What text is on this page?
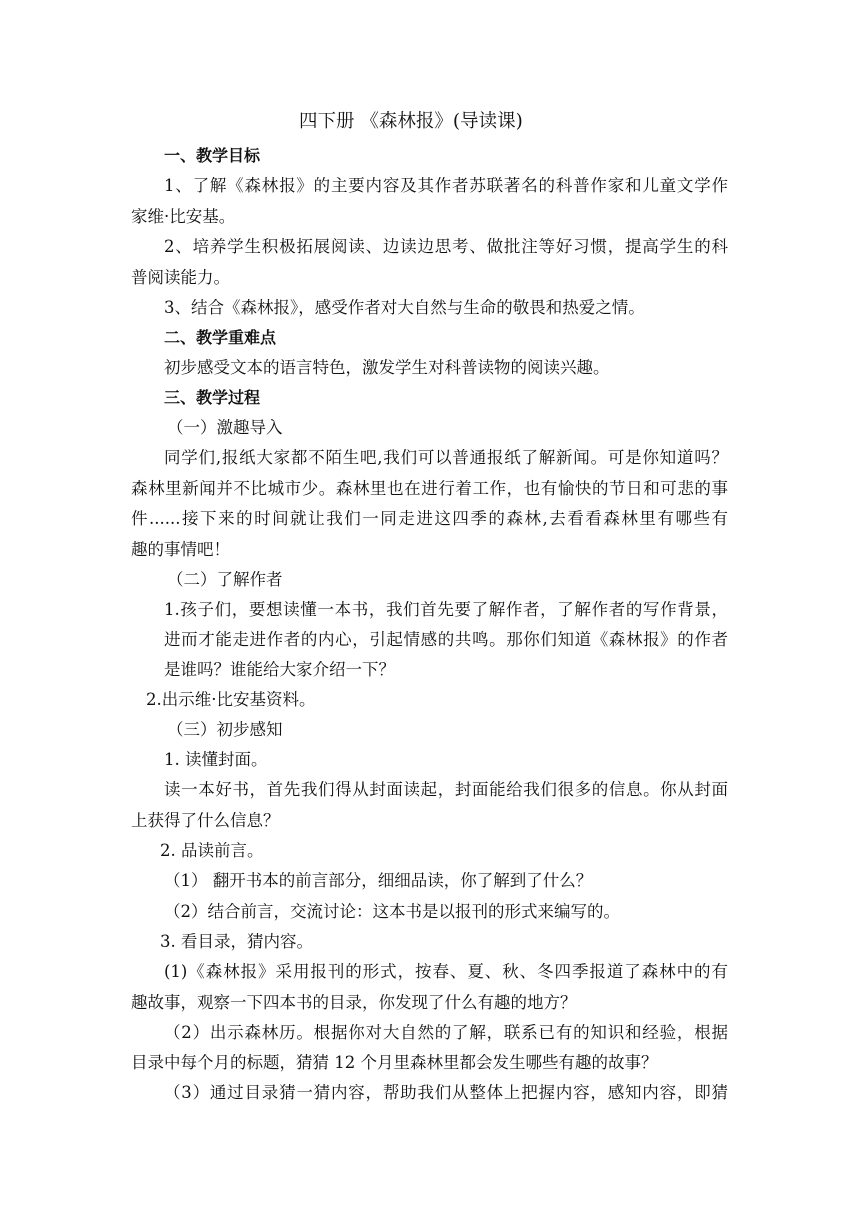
四下册 《森林报》(导读课)
一、教学目标
1、了解《森林报》的主要内容及其作者苏联著名的科普作家和儿童文学作
家维·比安基。
2、培养学生积极拓展阅读、边读边思考、做批注等好习惯，提高学生的科
普阅读能力。
3、结合《森林报》，感受作者对大自然与生命的敬畏和热爱之情。
二、教学重难点
初步感受文本的语言特色，激发学生对科普读物的阅读兴趣。
三、教学过程
（一）激趣导入
同学们,报纸大家都不陌生吧,我们可以普通报纸了解新闻。可是你知道吗？
森林里新闻并不比城市少。森林里也在进行着工作，也有愉快的节日和可悲的事
件......接下来的时间就让我们一同走进这四季的森林,去看看森林里有哪些有
趣的事情吧！
（二）了解作者
1.孩子们，要想读懂一本书，我们首先要了解作者，了解作者的写作背景，
进而才能走进作者的内心，引起情感的共鸣。那你们知道《森林报》的作者
是谁吗？谁能给大家介绍一下？
2.出示维·比安基资料。
（三）初步感知
1. 读懂封面。
读一本好书，首先我们得从封面读起，封面能给我们很多的信息。你从封面
上获得了什么信息？
2. 品读前言。
（1） 翻开书本的前言部分，细细品读，你了解到了什么？
（2）结合前言，交流讨论：这本书是以报刊的形式来编写的。
3. 看目录，猜内容。
(1)《森林报》采用报刊的形式，按春、夏、秋、冬四季报道了森林中的有
趣故事，观察一下四本书的目录，你发现了什么有趣的地方？
（2）出示森林历。根据你对大自然的了解，联系已有的知识和经验，根据
目录中每个月的标题，猜猜 12 个月里森林里都会发生哪些有趣的故事？
（3）通过目录猜一猜内容，帮助我们从整体上把握内容，感知内容，即猜
